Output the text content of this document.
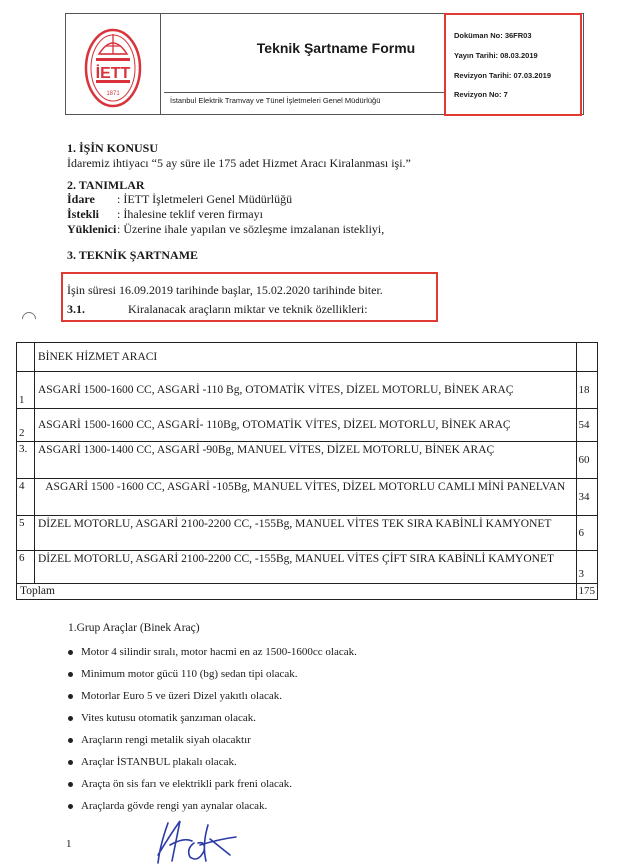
İETT
1871
Teknik Şartname Formu
İstanbul Elektrik Tramvay ve Tünel İşletmeleri Genel Müdürlüğü
Doküman No: 36FR03
Yayın Tarihi: 08.03.2019
Revizyon Tarihi: 07.03.2019
Revizyon No: 7
1. İŞİN KONUSU
İdaremiz ihtiyacı “5 ay süre ile 175 adet Hizmet Aracı Kiralanması işi.”
2. TANIMLAR
İdare : İETT İşletmeleri Genel Müdürlüğü
İstekli : İhalesine teklif veren firmayı
Yüklenici: Üzerine ihale yapılan ve sözleşme imzalanan istekliyi,
3. TEKNİK ŞARTNAME
İşin süresi 16.09.2019 tarihinde başlar, 15.02.2020 tarihinde biter.
3.1.	Kiralanacak araçların miktar ve teknik özellikleri:
	BİNEK HİZMET ARACI	
1	ASGARİ 1500-1600 CC, ASGARİ -110 Bg, OTOMATİK VİTES, DİZEL MOTORLU, BİNEK ARAÇ	18
2	ASGARİ 1500-1600 CC, ASGARİ- 110Bg, OTOMATİK VİTES, DİZEL MOTORLU, BİNEK ARAÇ	54
3.	ASGARİ 1300-1400 CC, ASGARİ -90Bg, MANUEL VİTES, DİZEL MOTORLU, BİNEK ARAÇ	60
4	ASGARİ 1500 -1600 CC, ASGARİ -105Bg, MANUEL VİTES, DİZEL MOTORLU CAMLI MİNİ PANELVAN	34
5	DİZEL MOTORLU, ASGARİ 2100-2200 CC, -155Bg, MANUEL VİTES TEK SIRA KABİNLİ KAMYONET	6
6	DİZEL MOTORLU, ASGARİ 2100-2200 CC, -155Bg, MANUEL VİTES ÇİFT SIRA KABİNLİ KAMYONET	3
Toplam		175
1.Grup Araçlar (Binek Araç)
Motor 4 silindir sıralı, motor hacmi en az 1500-1600cc olacak.
Minimum motor gücü 110 (bg) sedan tipi olacak.
Motorlar Euro 5 ve üzeri Dizel yakıtlı olacak.
Vites kutusu otomatik şanzıman olacak.
Araçların rengi metalik siyah olacaktır
Araçlar İSTANBUL plakalı olacak.
Araçta ön sis farı ve elektrikli park freni olacak.
Araçlarda gövde rengi yan aynalar olacak.
1
